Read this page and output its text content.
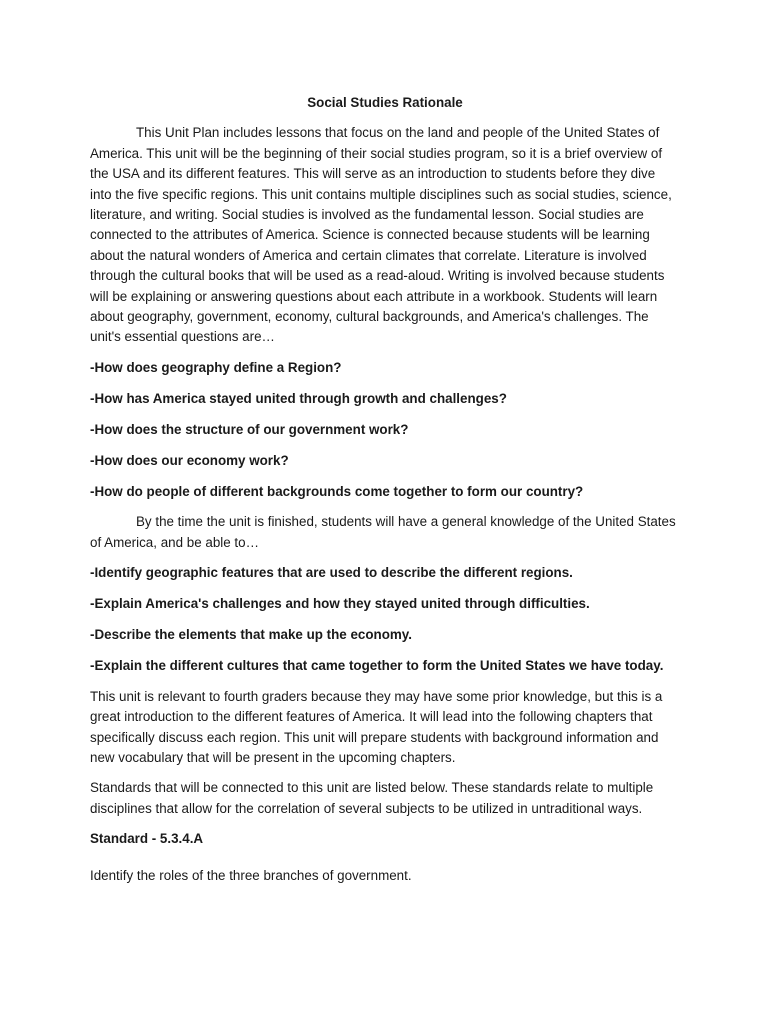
Social Studies Rationale

This Unit Plan includes lessons that focus on the land and people of the United States of America. This unit will be the beginning of their social studies program, so it is a brief overview of the USA and its different features. This will serve as an introduction to students before they dive into the five specific regions. This unit contains multiple disciplines such as social studies, science, literature, and writing. Social studies is involved as the fundamental lesson. Social studies are connected to the attributes of America. Science is connected because students will be learning about the natural wonders of America and certain climates that correlate. Literature is involved through the cultural books that will be used as a read-aloud. Writing is involved because students will be explaining or answering questions about each attribute in a workbook. Students will learn about geography, government, economy, cultural backgrounds, and America's challenges. The unit's essential questions are…

-How does geography define a Region?

-How has America stayed united through growth and challenges?

-How does the structure of our government work?

-How does our economy work?

-How do people of different backgrounds come together to form our country?

By the time the unit is finished, students will have a general knowledge of the United States of America, and be able to…

-Identify geographic features that are used to describe the different regions.

-Explain America's challenges and how they stayed united through difficulties.

-Describe the elements that make up the economy.

-Explain the different cultures that came together to form the United States we have today.

This unit is relevant to fourth graders because they may have some prior knowledge, but this is a great introduction to the different features of America. It will lead into the following chapters that specifically discuss each region. This unit will prepare students with background information and new vocabulary that will be present in the upcoming chapters.

Standards that will be connected to this unit are listed below. These standards relate to multiple disciplines that allow for the correlation of several subjects to be utilized in untraditional ways.

Standard - 5.3.4.A

Identify the roles of the three branches of government.
